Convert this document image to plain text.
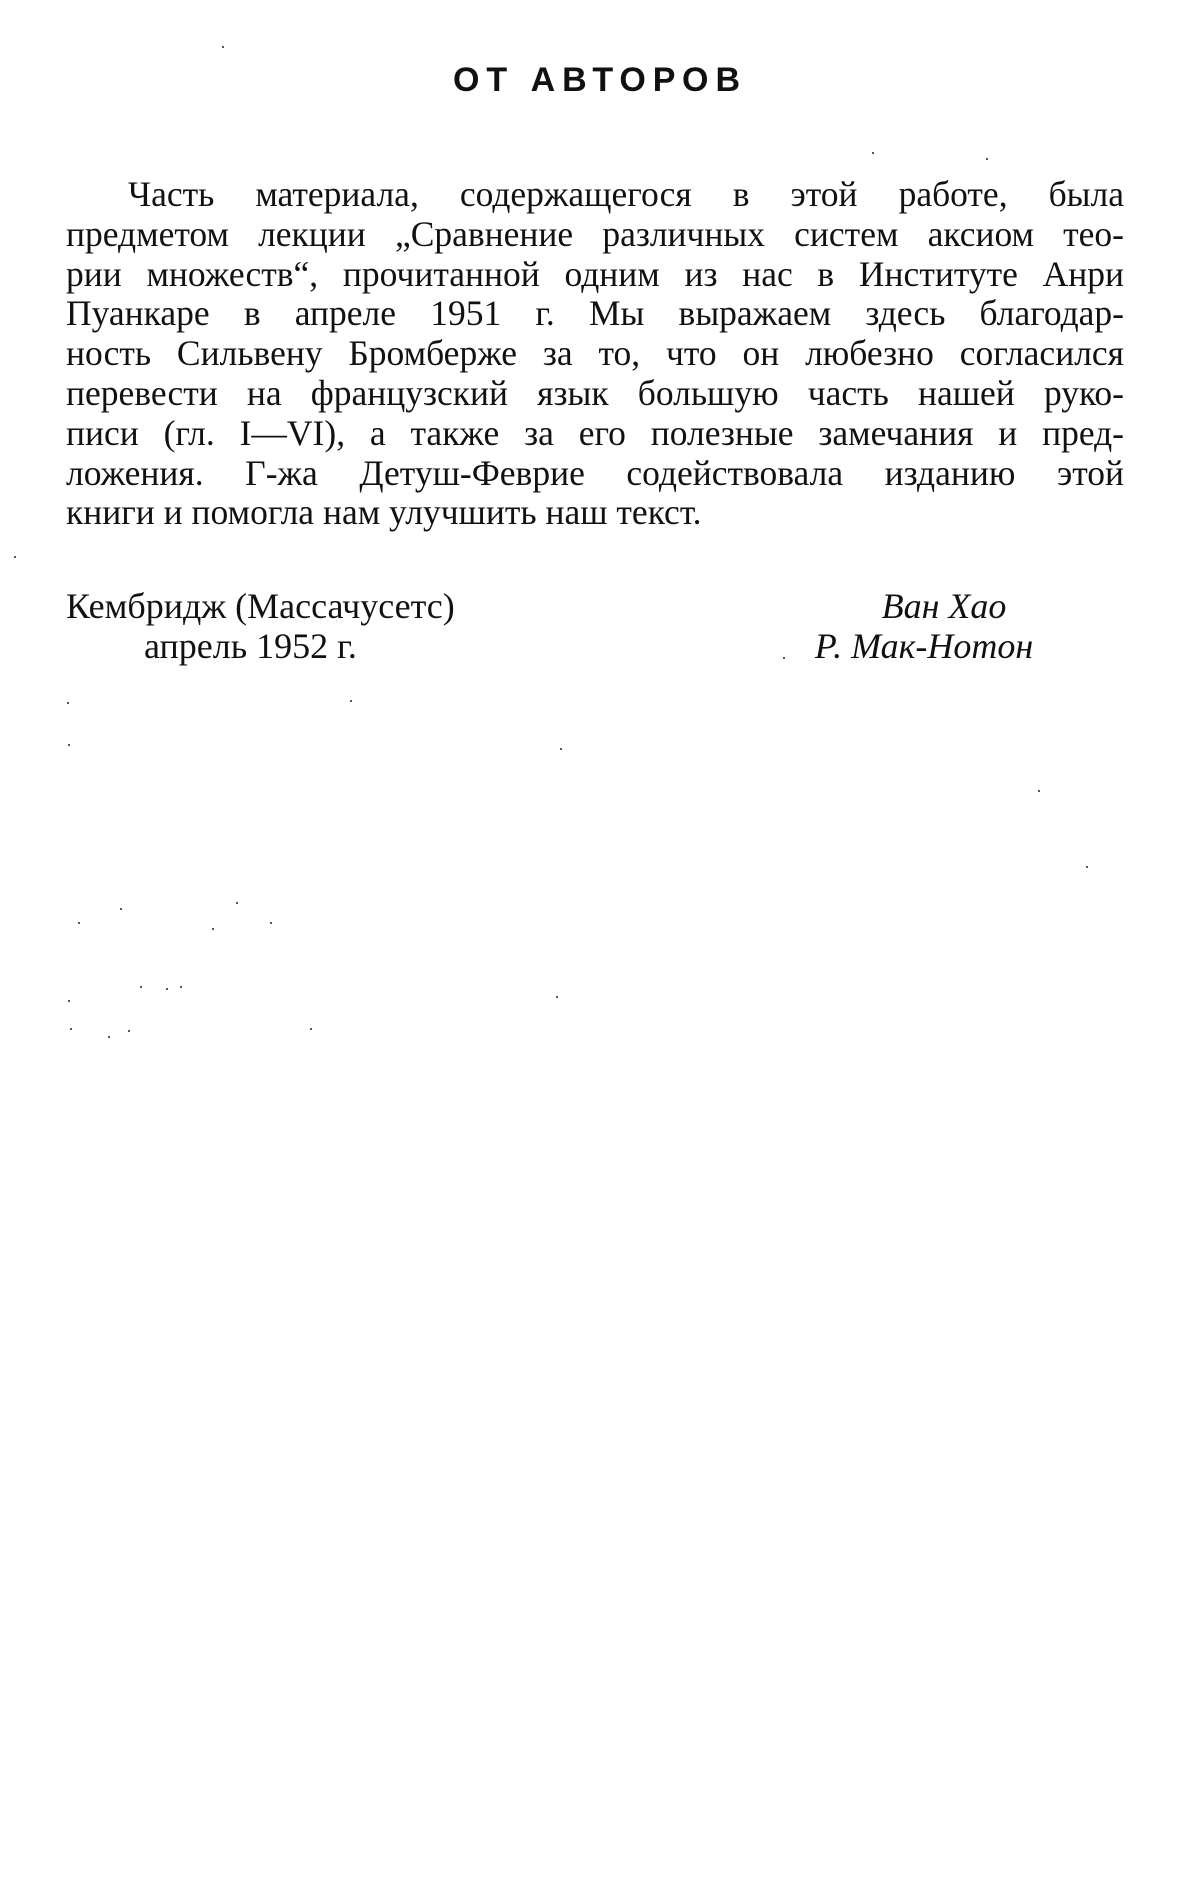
ОТ АВТОРОВ
Часть материала, содержащегося в этой работе, была
предметом лекции „Сравнение различных систем аксиом тео-
рии множеств“, прочитанной одним из нас в Институте Анри
Пуанкаре в апреле 1951 г. Мы выражаем здесь благодар-
ность Сильвену Бромберже за то, что он любезно согласился
перевести на французский язык большую часть нашей руко-
писи (гл. I—VI), а также за его полезные замечания и пред-
ложения. Г-жа Детуш-Февриe содействовала изданию этой
книги и помогла нам улучшить наш текст.
Кембридж (Массачусетс)
апрель 1952 г.
Ван Хао
Р. Мак-Нотон
